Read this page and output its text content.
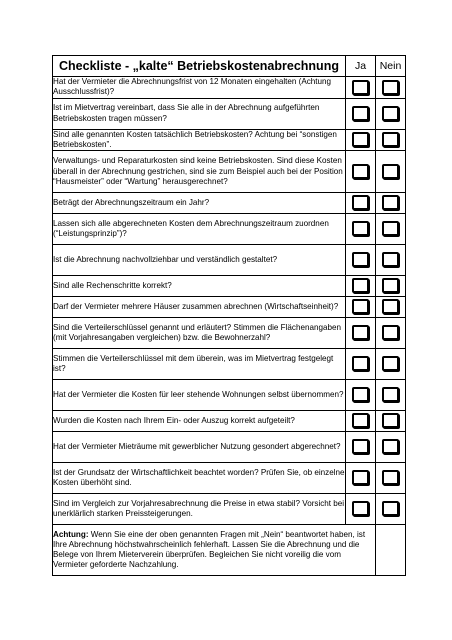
Checkliste - „kalte“ Betriebskostenabrechnung	Ja	Nein
Hat der Vermieter die Abrechnungsfrist von 12 Monaten eingehalten (Achtung Ausschlussfrist)?		
Ist im Mietvertrag vereinbart, dass Sie alle in der Abrechnung aufgeführten Betriebskosten tragen müssen?		
Sind alle genannten Kosten tatsächlich Betriebskosten? Achtung bei “sonstigen Betriebskosten”.		
Verwaltungs- und Reparaturkosten sind keine Betriebskosten. Sind diese Kosten überall in der Abrechnung gestrichen, sind sie zum Beispiel auch bei der Position “Hausmeister” oder “Wartung” herausgerechnet?		
Beträgt der Abrechnungszeitraum ein Jahr?		
Lassen sich alle abgerechneten Kosten dem Abrechnungszeitraum zuordnen (“Leistungsprinzip”)?		
Ist die Abrechnung nachvollziehbar und verständlich gestaltet?		
Sind alle Rechenschritte korrekt?		
Darf der Vermieter mehrere Häuser zusammen abrechnen (Wirtschaftseinheit)?		
Sind die Verteilerschlüssel genannt und erläutert? Stimmen die Flächenangaben (mit Vorjahresangaben vergleichen) bzw. die Bewohnerzahl?		
Stimmen die Verteilerschlüssel mit dem überein, was im Mietvertrag festgelegt ist?		
Hat der Vermieter die Kosten für leer stehende Wohnungen selbst übernommen?		
Wurden die Kosten nach Ihrem Ein- oder Auszug korrekt aufgeteilt?		
Hat der Vermieter Mieträume mit gewerblicher Nutzung gesondert abgerechnet?		
Ist der Grundsatz der Wirtschaftlichkeit beachtet worden? Prüfen Sie, ob einzelne Kosten überhöht sind.		
Sind im Vergleich zur Vorjahresabrechnung die Preise in etwa stabil? Vorsicht bei unerklärlich starken Preissteigerungen.		
Achtung: Wenn Sie eine der oben genannten Fragen mit „Nein“ beantwortet haben, ist Ihre Abrechnung höchstwahrscheinlich fehlerhaft. Lassen Sie die Abrechnung und die Belege von Ihrem Mieterverein überprüfen. Begleichen Sie nicht voreilig die vom Vermieter geforderte Nachzahlung.		
